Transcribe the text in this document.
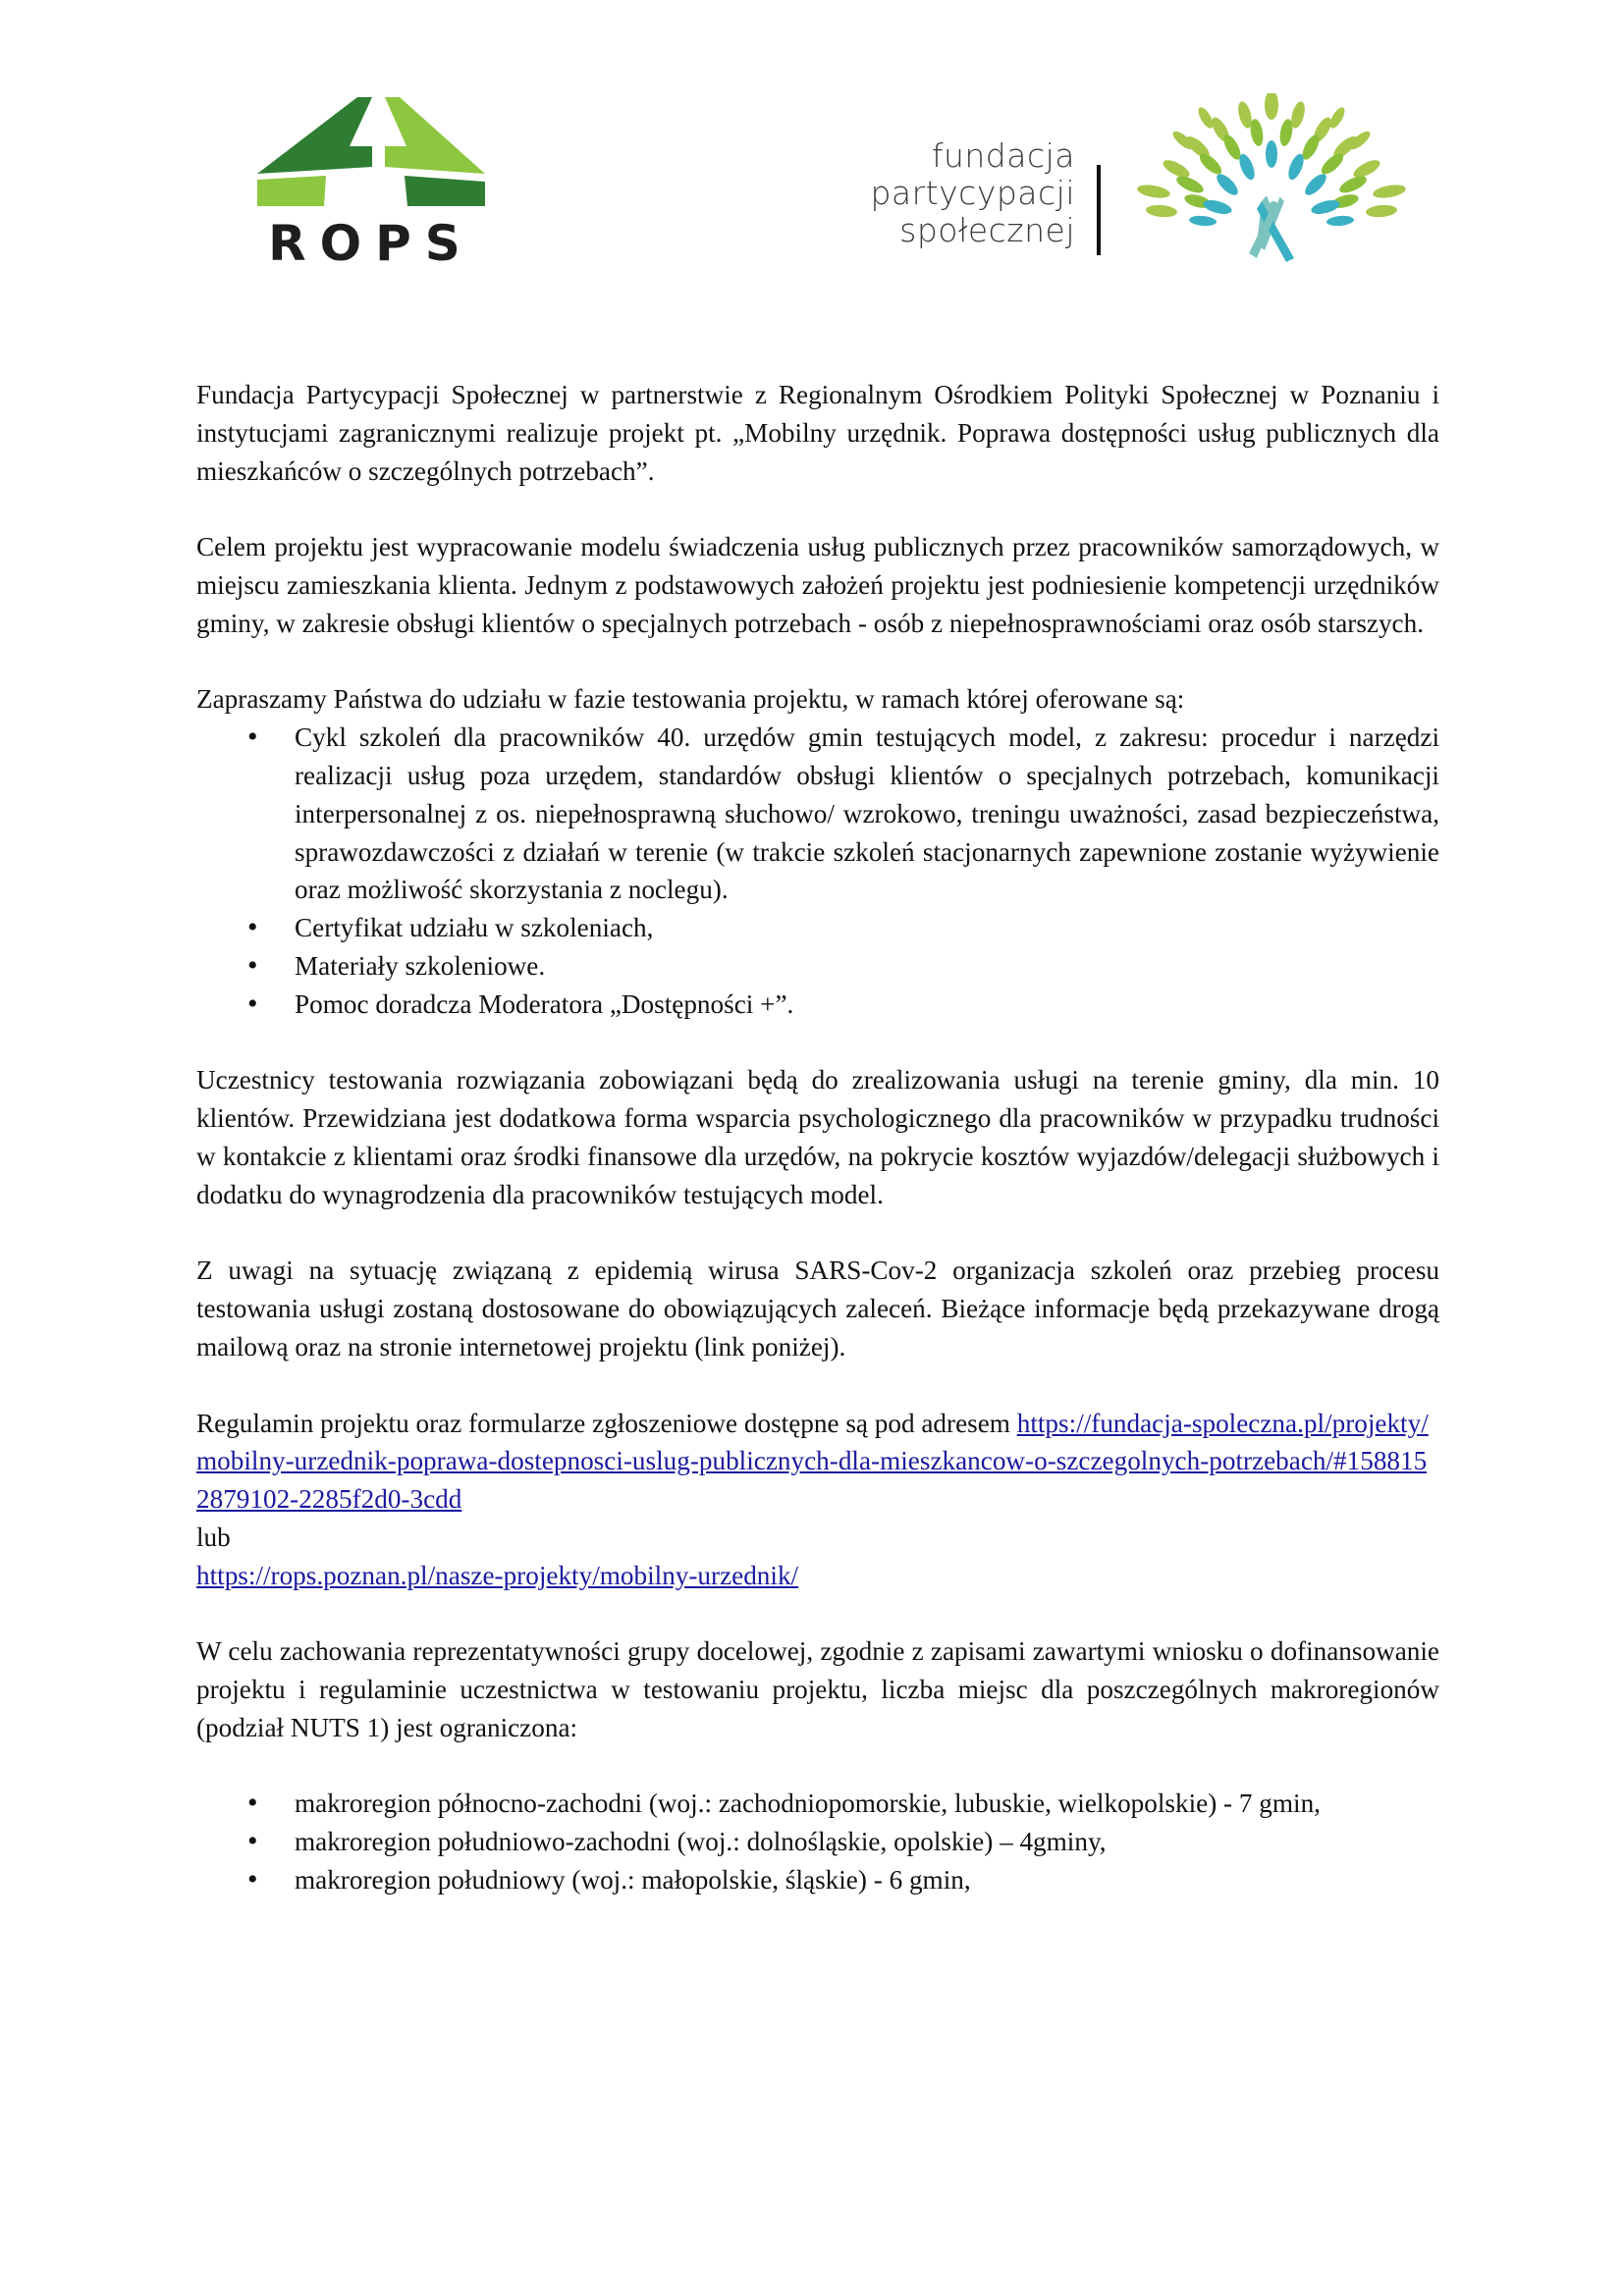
ROPS
fundacja
partycypacji
społecznej

Fundacja Partycypacji Społecznej w partnerstwie z Regionalnym Ośrodkiem Polityki Społecznej w Poznaniu i instytucjami zagranicznymi realizuje projekt pt. „Mobilny urzędnik. Poprawa dostępności usług publicznych dla mieszkańców o szczególnych potrzebach”.

Celem projektu jest wypracowanie modelu świadczenia usług publicznych przez pracowników samorządowych, w miejscu zamieszkania klienta. Jednym z podstawowych założeń projektu jest podniesienie kompetencji urzędników gminy, w zakresie obsługi klientów o specjalnych potrzebach - osób z niepełnosprawnościami oraz osób starszych.

Zapraszamy Państwa do udziału w fazie testowania projektu, w ramach której oferowane są:

• Cykl szkoleń dla pracowników 40. urzędów gmin testujących model, z zakresu: procedur i narzędzi realizacji usług poza urzędem, standardów obsługi klientów o specjalnych potrzebach, komunikacji interpersonalnej z os. niepełnosprawną słuchowo/ wzrokowo, treningu uważności, zasad bezpieczeństwa, sprawozdawczości z działań w terenie (w trakcie szkoleń stacjonarnych zapewnione zostanie wyżywienie oraz możliwość skorzystania z noclegu).
• Certyfikat udziału w szkoleniach,
• Materiały szkoleniowe.
• Pomoc doradcza Moderatora „Dostępności +”.

Uczestnicy testowania rozwiązania zobowiązani będą do zrealizowania usługi na terenie gminy, dla min. 10 klientów. Przewidziana jest dodatkowa forma wsparcia psychologicznego dla pracowników w przypadku trudności w kontakcie z klientami oraz środki finansowe dla urzędów, na pokrycie kosztów wyjazdów/delegacji służbowych i dodatku do wynagrodzenia dla pracowników testujących model.

Z uwagi na sytuację związaną z epidemią wirusa SARS-Cov-2 organizacja szkoleń oraz przebieg procesu testowania usługi zostaną dostosowane do obowiązujących zaleceń. Bieżące informacje będą przekazywane drogą mailową oraz na stronie internetowej projektu (link poniżej).

Regulamin projektu oraz formularze zgłoszeniowe dostępne są pod adresem https://fundacja-spoleczna.pl/projekty/mobilny-urzednik-poprawa-dostepnosci-uslug-publicznych-dla-mieszkancow-o-szczegolnych-potrzebach/#1588152879102-2285f2d0-3cdd
lub
https://rops.poznan.pl/nasze-projekty/mobilny-urzednik/

W celu zachowania reprezentatywności grupy docelowej, zgodnie z zapisami zawartymi wniosku o dofinansowanie projektu i regulaminie uczestnictwa w testowaniu projektu, liczba miejsc dla poszczególnych makroregionów (podział NUTS 1) jest ograniczona:

• makroregion północno-zachodni (woj.: zachodniopomorskie, lubuskie, wielkopolskie) - 7 gmin,
• makroregion południowo-zachodni (woj.: dolnośląskie, opolskie) – 4gminy,
• makroregion południowy (woj.: małopolskie, śląskie) - 6 gmin,
